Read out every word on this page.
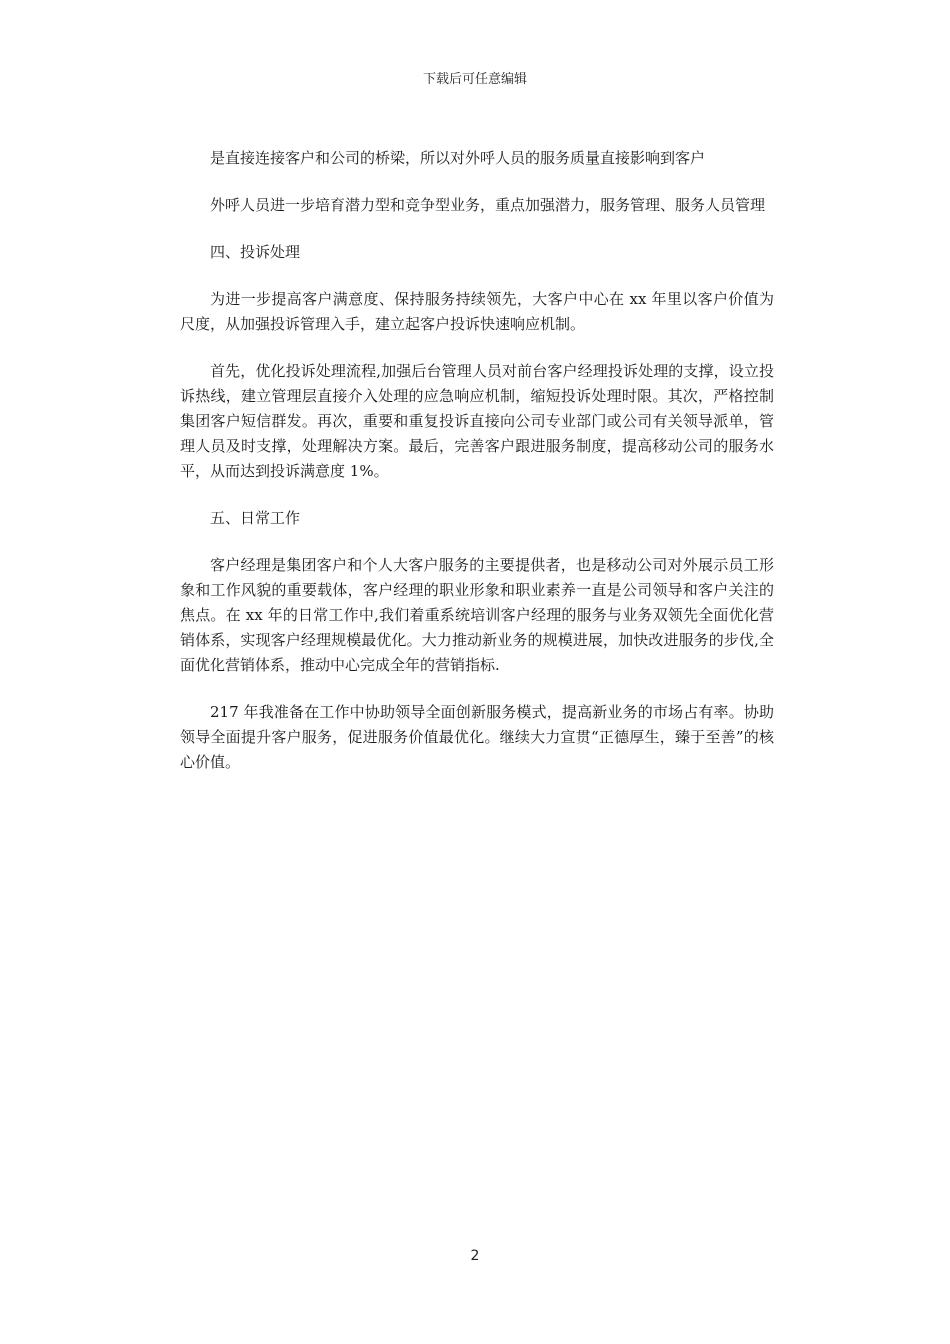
下载后可任意编辑

是直接连接客户和公司的桥梁，所以对外呼人员的服务质量直接影响到客户

外呼人员进一步培育潜力型和竞争型业务，重点加强潜力，服务管理、服务人员管理

四、投诉处理

为进一步提高客户满意度、保持服务持续领先，大客户中心在 xx 年里以客户价值为尺度，从加强投诉管理入手，建立起客户投诉快速响应机制。

首先，优化投诉处理流程,加强后台管理人员对前台客户经理投诉处理的支撑，设立投诉热线，建立管理层直接介入处理的应急响应机制，缩短投诉处理时限。其次，严格控制集团客户短信群发。再次，重要和重复投诉直接向公司专业部门或公司有关领导派单，管理人员及时支撑，处理解决方案。最后，完善客户跟进服务制度，提高移动公司的服务水平，从而达到投诉满意度 1%。

五、日常工作

客户经理是集团客户和个人大客户服务的主要提供者，也是移动公司对外展示员工形象和工作风貌的重要载体，客户经理的职业形象和职业素养一直是公司领导和客户关注的焦点。在 xx 年的日常工作中,我们着重系统培训客户经理的服务与业务双领先全面优化营销体系，实现客户经理规模最优化。大力推动新业务的规模进展，加快改进服务的步伐,全面优化营销体系，推动中心完成全年的营销指标.

217 年我准备在工作中协助领导全面创新服务模式，提高新业务的市场占有率。协助领导全面提升客户服务，促进服务价值最优化。继续大力宣贯“正德厚生，臻于至善”的核心价值。

2
